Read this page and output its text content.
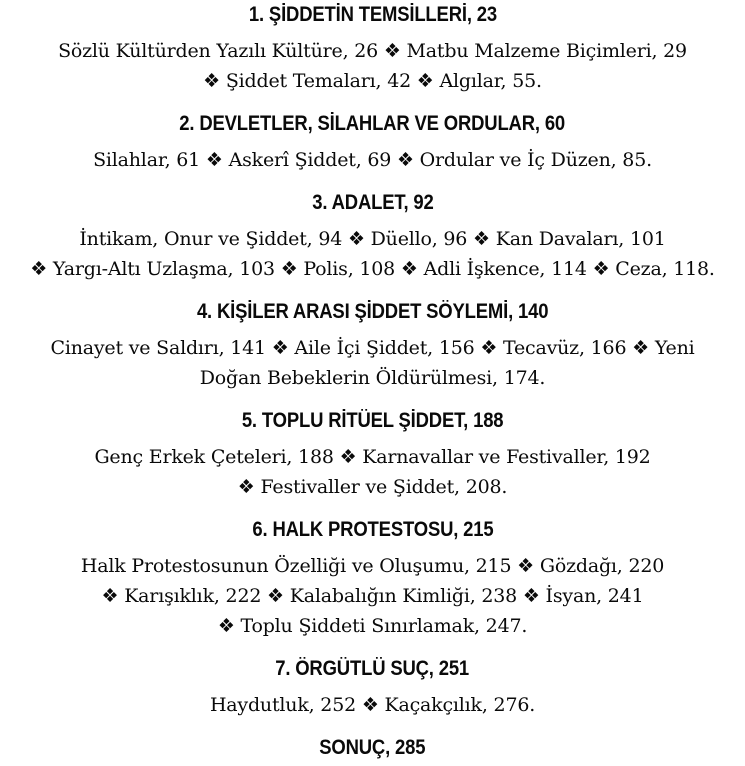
1. ŞİDDETİN TEMSİLLERİ, 23
Sözlü Kültürden Yazılı Kültüre, 26 ❖ Matbu Malzeme Biçimleri, 29
❖ Şiddet Temaları, 42 ❖ Algılar, 55.
2. DEVLETLER, SİLAHLAR VE ORDULAR, 60
Silahlar, 61 ❖ Askerî Şiddet, 69 ❖ Ordular ve İç Düzen, 85.
3. ADALET, 92
İntikam, Onur ve Şiddet, 94 ❖ Düello, 96 ❖ Kan Davaları, 101
❖ Yargı-Altı Uzlaşma, 103 ❖ Polis, 108 ❖ Adli İşkence, 114 ❖ Ceza, 118.
4. KİŞİLER ARASI ŞİDDET SÖYLEMİ, 140
Cinayet ve Saldırı, 141 ❖ Aile İçi Şiddet, 156 ❖ Tecavüz, 166 ❖ Yeni
Doğan Bebeklerin Öldürülmesi, 174.
5. TOPLU RİTÜEL ŞİDDET, 188
Genç Erkek Çeteleri, 188 ❖ Karnavallar ve Festivaller, 192
❖ Festivaller ve Şiddet, 208.
6. HALK PROTESTOSU, 215
Halk Protestosunun Özelliği ve Oluşumu, 215 ❖ Gözdağı, 220
❖ Karışıklık, 222 ❖ Kalabalığın Kimliği, 238 ❖ İsyan, 241
❖ Toplu Şiddeti Sınırlamak, 247.
7. ÖRGÜTLÜ SUÇ, 251
Haydutluk, 252 ❖ Kaçakçılık, 276.
SONUÇ, 285
